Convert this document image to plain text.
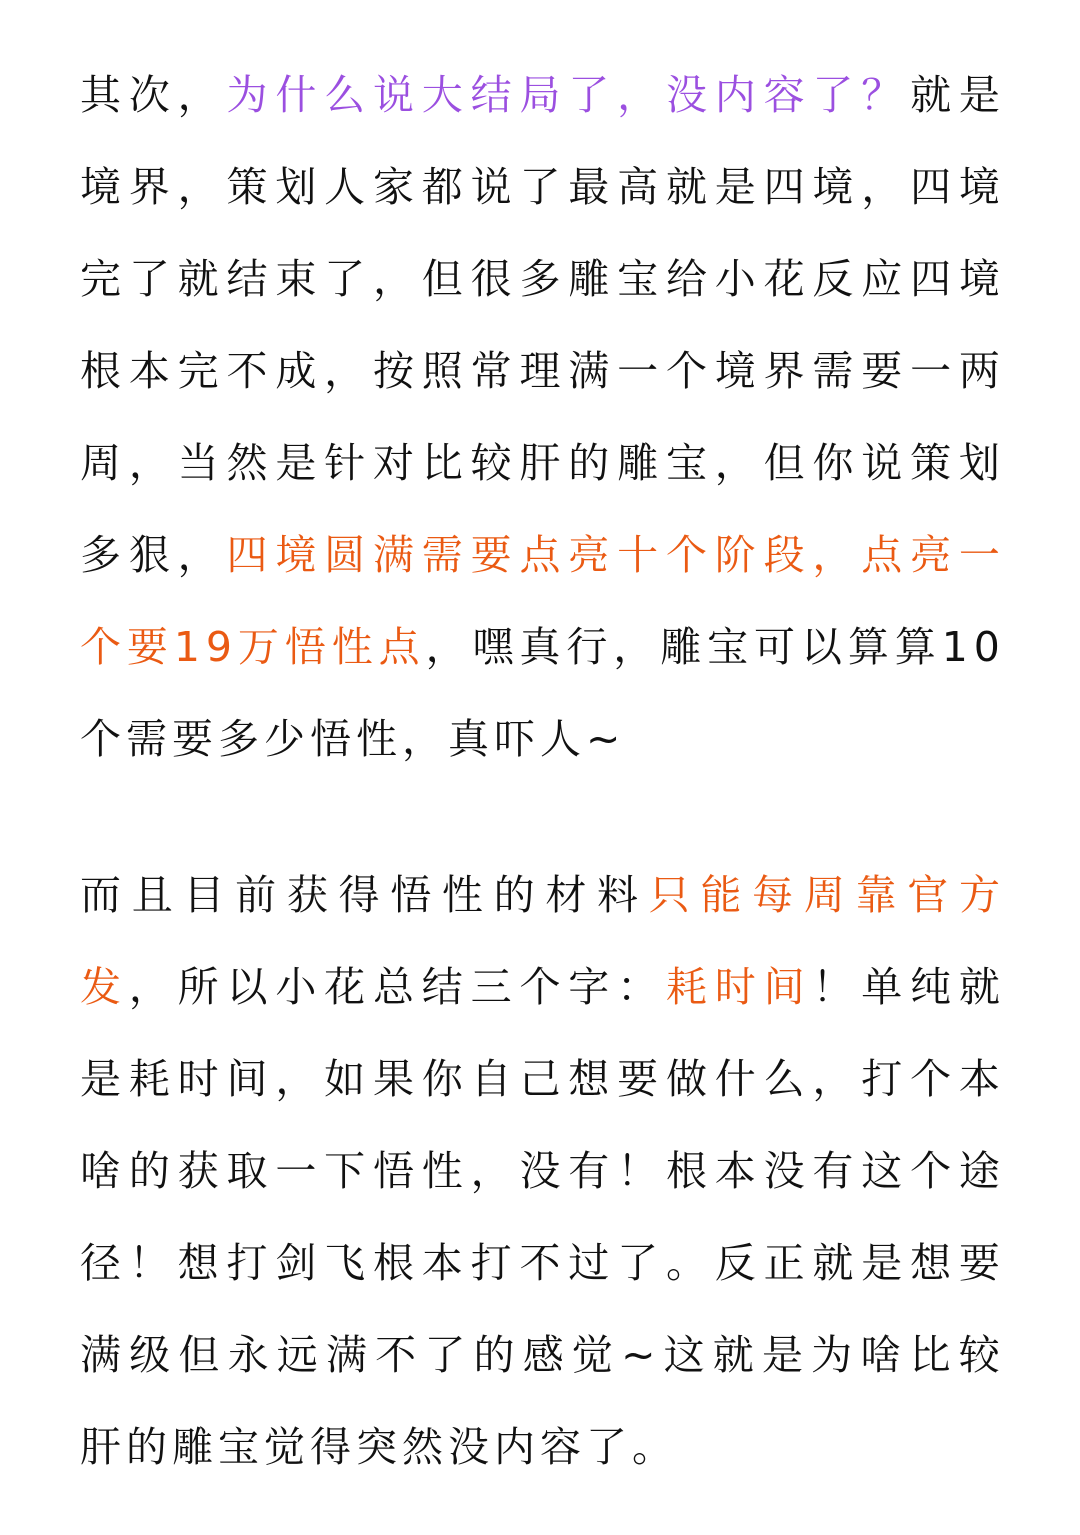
其 次 ， 为 什 么 说 大 结 局 了 ， 没 内 容 了 ？ 就 是
境 界 ， 策 划 人 家 都 说 了 最 高 就 是 四 境 ， 四 境
完 了 就 结 束 了 ， 但 很 多 雕 宝 给 小 花 反 应 四 境
根 本 完 不 成 ， 按 照 常 理 满 一 个 境 界 需 要 一 两
周 ， 当 然 是 针 对 比 较 肝 的 雕 宝 ， 但 你 说 策 划
多 狠 ， 四 境 圆 满 需 要 点 亮 十 个 阶 段 ， 点 亮 一
个 要 1 9 万 悟 性 点 ， 嘿 真 行 ， 雕 宝 可 以 算 算 1 0
个需要多少悟性，真吓人~
而 且 目 前 获 得 悟 性 的 材 料 只 能 每 周 靠 官 方
发 ， 所 以 小 花 总 结 三 个 字 ： 耗 时 间 ！ 单 纯 就
是 耗 时 间 ， 如 果 你 自 己 想 要 做 什 么 ， 打 个 本
啥 的 获 取 一 下 悟 性 ， 没 有 ！ 根 本 没 有 这 个 途
径 ！ 想 打 剑 飞 根 本 打 不 过 了 。 反 正 就 是 想 要
满 级 但 永 远 满 不 了 的 感 觉 ~ 这 就 是 为 啥 比 较
肝的雕宝觉得突然没内容了。
